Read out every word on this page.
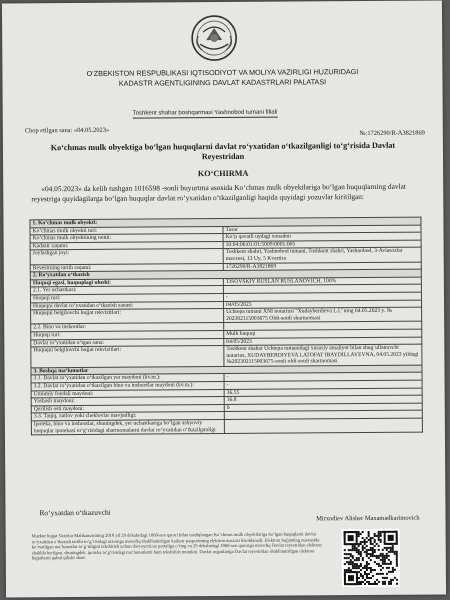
O‘ZBEKISTON RESPUBLIKASI IQTISODIYOT VA MOLIYA VAZIRLIGI HUZURIDAGI
KADASTR AGENTLIGINING DAVLAT KADASTRLARI PALATASI
Toshkent shahar boshqarmasi Yashnobod tumani filiali
Chop etilgan sana: «04.05.2023»	№:1726290/R-A3821869
Ko‘chmas mulk obyektiga bo‘lgan huquqlarni davlat ro‘yxatidan o‘tkazilganligi to‘g‘risida Davlat Reyestridan
KO‘CHIRMA
«04.05.2023» da kelib tushgan 1016598 -sonli buyurtma asosida Ko‘chmas mulk obyektlariga bo‘lgan huquqlarning davlat reyestriga quyidagilarga bo‘lgan huquqlar davlat ro‘yxatidan o‘tkazilganligi haqida quyidagi yozuvlar kiritilgan:
1. Ko‘chmas mulk obyekti:	
Ko‘chmas mulk obyekti turi:	Turar
Ko‘chmas mulk obyektining nomi:	Ko‘p qavatli uydagi xonadon
Kadastr raqami:	10:04:06:01:01:5009:0001:005
Joylashgan joyi:	Toshkent shahri, Yashnobod tumani, Toshkent shahri, Yashnobod, 3-Aviasozlar mavzesi, 13 Uy, 5 Kvartira
Reyestrning tartib raqami:	1726290/R-A3821869
2. Ro‘yxatdan o‘tkazish	
Huquqi egasi, huquqdagi ulushi:	TISOVSKIY RUSLAN RUSLANOVICH, 100%
2.1. Yer uchastkasi:	
Huquqi turi:	-
Huquqni davlat ro‘yxatidan o‘tkazish sanasi:	04/05/2023
Huquqni belgilovchi hujjat rekvizitlari:	Uchtepa tumani XNI notariusi "Xudayberdieva L.I."ning 04.05.2023 y. № 2023021150036̇75 Oldi-sotdi shartnomasi
2.2. Bino va inshootlar:	
Huquqi turi:	Mulk huquqi
Davlat ro‘yxatidan o‘tgan sana:	04/05/2023
Huquqni belgilovchi hujjat rekvizitlari:	Toshkent shahar Uchtepa tumanidagi xususiy amaliyot bilan shug`ullanuvchi notarius, XUDAYBERDIYEVA LATOFAT IBAYDILLAYEVNA, 04.05.2023 yildagi №202302115003675-sonli oldi-sotdi shartnomasi
3. Boshqa ma‘lumotlar	
3.1. Davlat ro‘yxatidan o‘tkazilgan yer maydoni (kv.m.):	-
3.2. Davlat ro‘yxatidan o‘tkazilgan bino va inshootlar maydoni (kv.m.):	-
Umumiy foydali maydoni:	36.55
Yashash maydoni:	16.8
Qurilish osti maydoni:	0
3.3. Taqiq, xatlov yoki cheklovlar mavjudligi:	
Ipoteka, bino va inshootlar, shuningdek, yer uchastkasiga bo‘lgan ashyoviy huquqlar ipotekasi to‘g‘risidagi shartnomalarni davlat ro‘yxatidan o‘tkazilganligi	
Ro‘yxatdan o‘tkazuvchi
Mirxodiev Alisher Maxamadkarimovich
Mazkur hujjat Vazirlar Mahkamasining 2018 yil 29 dekabrdagi 1060-son qarori bilan tasdiqlangan Ko‘chmas mulk obyektlariga bo‘lgan huquqlarni davlat ro‘yxatidan o‘tkazish tartibi to‘g‘risidagi nizomga muvofiq shakllantirilgan kadastr pasportining elektron nusxasi hisoblanadi. Elektron hujjatning nusxasida ko‘rsatilgan ma‘lumotlar to‘g‘riligini tekshirish uchun davroyetir.uz portaliga o‘ting va 29 dekabrdagi 1060-son qaroriga muvofiq Davlat reyestridan elektron shaklda berilgan, shuningdek, ipoteka to‘g‘risidagi ma‘lumotlarni ham tekshirish mumkin. Davlat organlariga Davlat reyestridan shakllantirilgan elektron hujjatlarni qabul qilishi shart.
